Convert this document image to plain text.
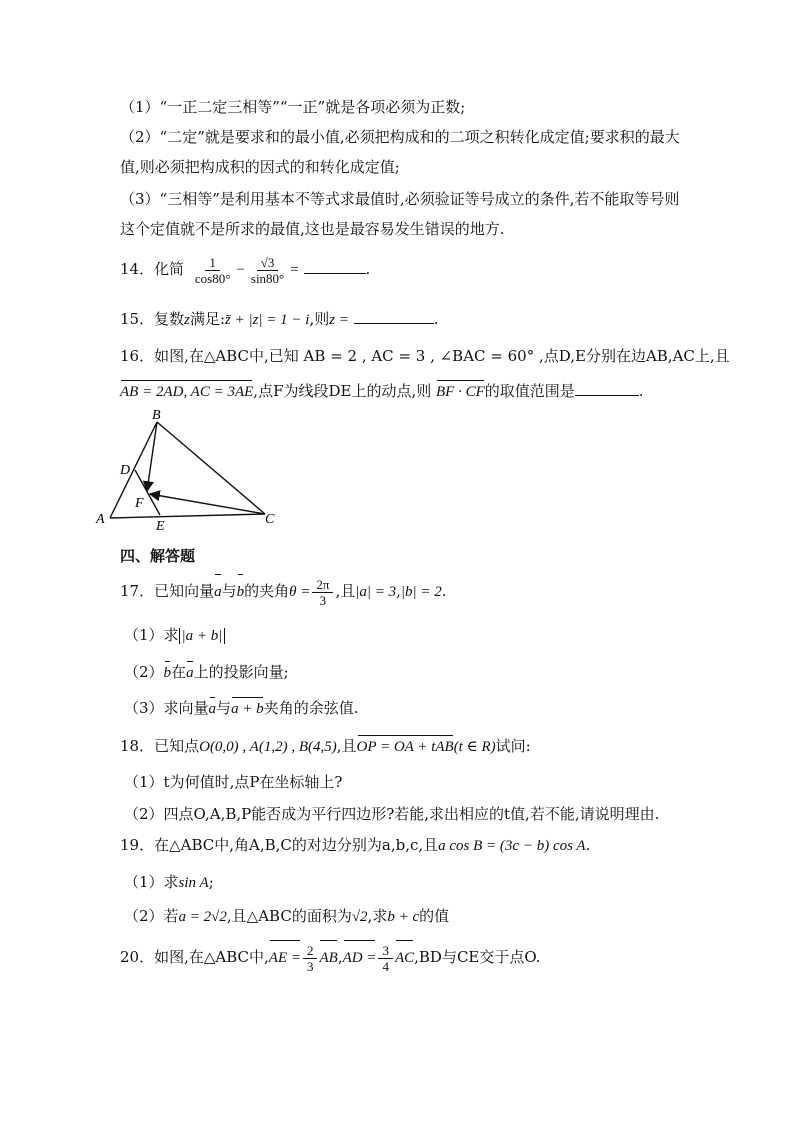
（1）“一正二定三相等”“一正”就是各项必须为正数;
（2）“二定”就是要求和的最小值,必须把构成和的二项之积转化成定值;要求积的最大
值,则必须把构成积的因式的和转化成定值;
（3）“三相等”是利用基本不等式求最值时,必须验证等号成立的条件,若不能取等号则
这个定值就不是所求的最值,这也是最容易发生错误的地方.
14．化简 $\frac{1}{\cos 80^\circ} - \frac{√3}{\sin 80^\circ}$ =	.
15．复数z满足:z̄ + |z| = 1 − i,则z =	.
16．如图,在△ABC中,已知 AB = 2 , AC = 3 , ∠BAC = 60° ,点D,E分别在边AB,AC上,且
AB = 2AD, AC = 3AE,点F为线段DE上的动点,则 BF · CF的取值范围是	.
B
D
F
A	E	C
四、解答题
17．已知向量a与b的夹角$\theta = \frac{2\pi}{3}$ ,且|a| = 3,|b| = 2.
（1）求 |a + b|
（2）b在a上的投影向量;
（3）求向量a与a + b夹角的余弦值.
18．已知点O(0,0) , A(1,2) , B(4,5),且OP = OA + tAB(t ∈ R)试问:
（1）t为何值时,点P在坐标轴上?
（2）四点O,A,B,P能否成为平行四边形?若能,求出相应的t值,若不能,请说明理由.
19．在△ABC中,角A,B,C的对边分别为a,b,c,且a cos B = (3c − b) cos A.
（1）求sin A;
（2）若a = 2√2,且△ABC的面积为√2,求b + c的值
20．如图,在△ABC中$,AE = \frac{2}{3} AB,AD = \frac{3}{4} AC,BD$与CE交于点O.
